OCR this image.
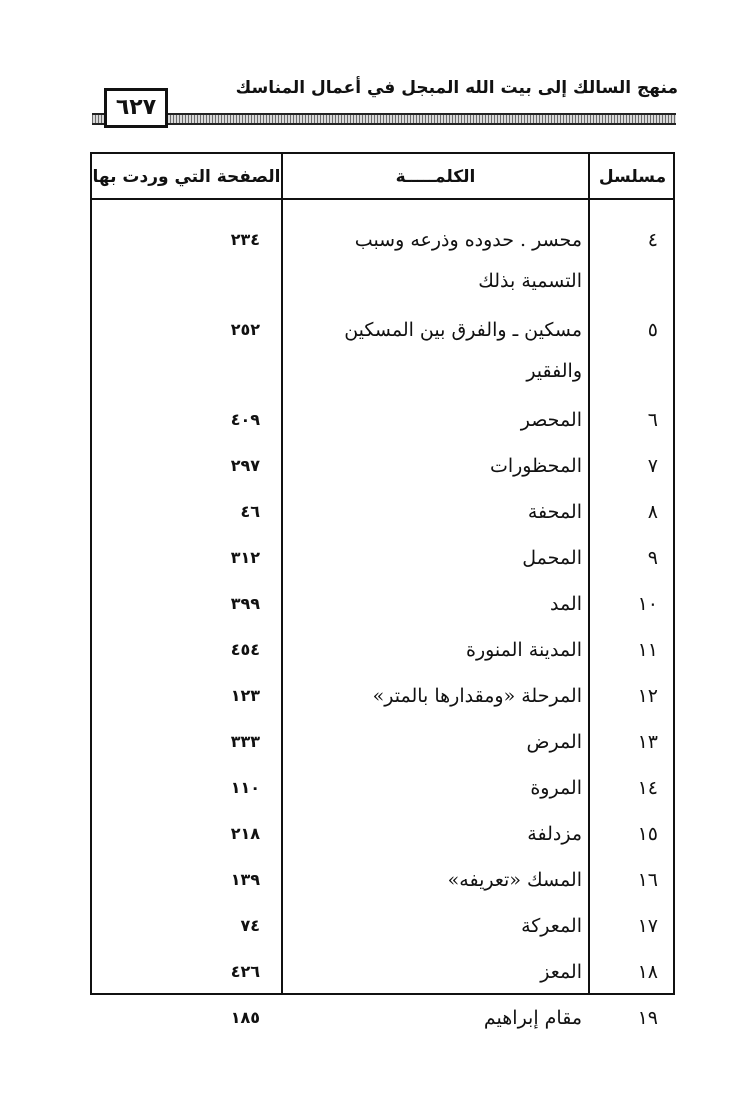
منهج السالك إلى بيت الله المبجل في أعمال المناسك
٦٢٧
مسلسل
الكلمـــــة
الصفحة التي وردت بها
٤
محسر . حدوده وذرعه وسبب التسمية بذلك
٢٣٤
٥
مسكين ـ والفرق بين المسكين والفقير
٢٥٢
٦
المحصر
٤٠٩
٧
المحظورات
٢٩٧
٨
المحفة
٤٦
٩
المحمل
٣١٢
١٠
المد
٣٩٩
١١
المدينة المنورة
٤٥٤
١٢
المرحلة «ومقدارها بالمتر»
١٢٣
١٣
المرض
٣٣٣
١٤
المروة
١١٠
١٥
مزدلفة
٢١٨
١٦
المسك «تعريفه»
١٣٩
١٧
المعركة
٧٤
١٨
المعز
٤٢٦
١٩
مقام إبراهيم
١٨٥
